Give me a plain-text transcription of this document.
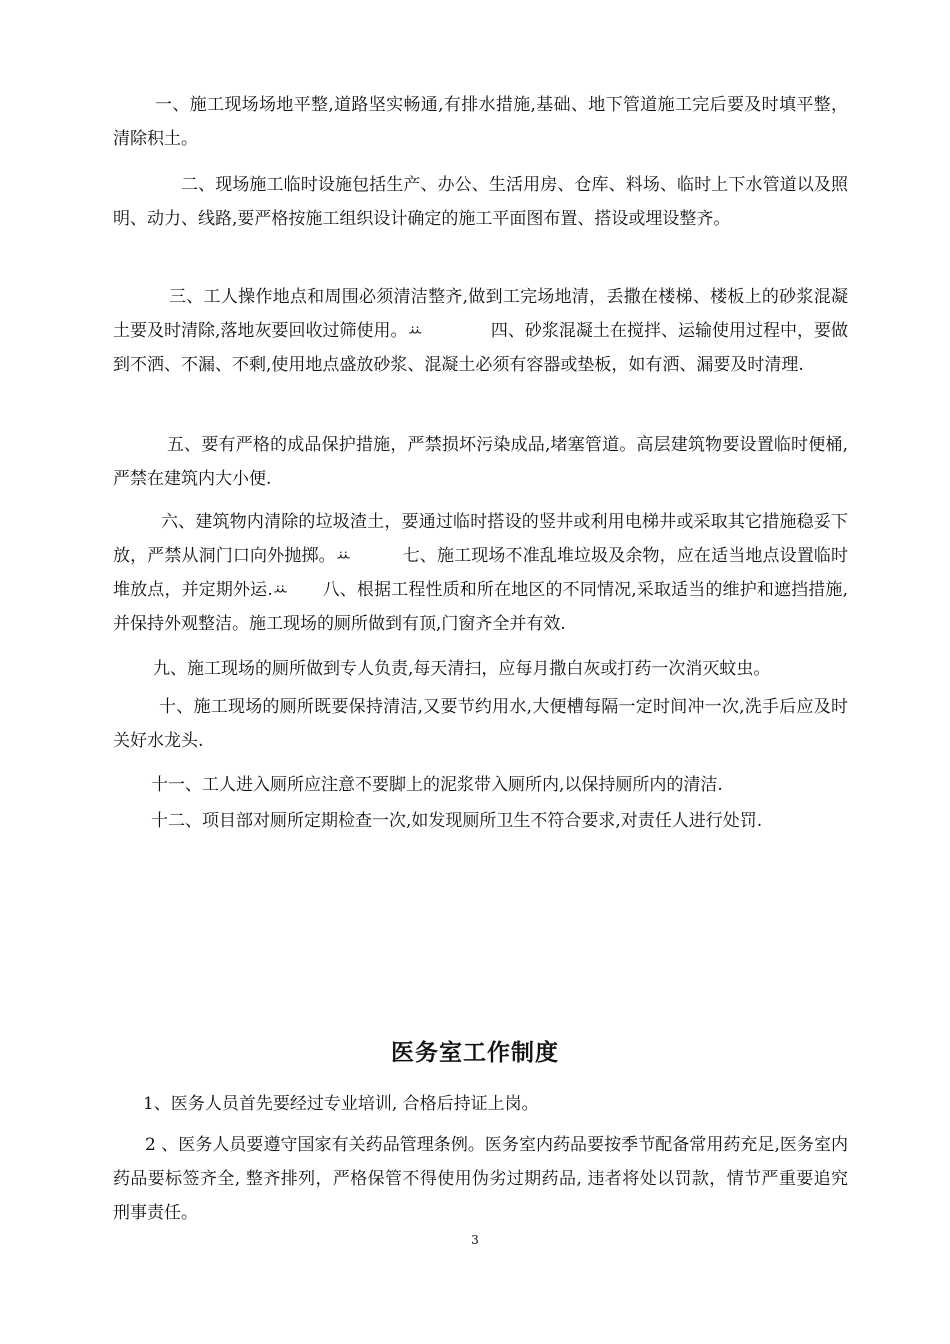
一、施工现场场地平整,道路坚实畅通,有排水措施,基础、地下管道施工完后要及时填平整，清除积土。

二、现场施工临时设施包括生产、办公、生活用房、仓库、料场、临时上下水管道以及照明、动力、线路,要严格按施工组织设计确定的施工平面图布置、搭设或埋设整齐。

三、工人操作地点和周围必须清洁整齐,做到工完场地清，丢撒在楼梯、楼板上的砂浆混凝土要及时清除,落地灰要回收过筛使用。ꕁ　　　　四、砂浆混凝土在搅拌、运输使用过程中，要做到不洒、不漏、不剩,使用地点盛放砂浆、混凝土必须有容器或垫板，如有洒、漏要及时清理.

五、要有严格的成品保护措施，严禁损坏污染成品,堵塞管道。高层建筑物要设置临时便桶,严禁在建筑内大小便.

六、建筑物内清除的垃圾渣土，要通过临时搭设的竖井或利用电梯井或采取其它措施稳妥下放，严禁从洞门口向外抛掷。ꕁ　　　七、施工现场不准乱堆垃圾及余物，应在适当地点设置临时堆放点，并定期外运.ꕁ　　八、根据工程性质和所在地区的不同情况,采取适当的维护和遮挡措施,并保持外观整洁。施工现场的厕所做到有顶,门窗齐全并有效.

九、施工现场的厕所做到专人负责,每天清扫，应每月撒白灰或打药一次消灭蚊虫。

十、施工现场的厕所既要保持清洁,又要节约用水,大便槽每隔一定时间冲一次,洗手后应及时关好水龙头.

十一、工人进入厕所应注意不要脚上的泥浆带入厕所内,以保持厕所内的清洁.

十二、项目部对厕所定期检查一次,如发现厕所卫生不符合要求,对责任人进行处罚.

医务室工作制度

1、医务人员首先要经过专业培训, 合格后持证上岗。

2 、医务人员要遵守国家有关药品管理条例。医务室内药品要按季节配备常用药充足,医务室内药品要标签齐全, 整齐排列，严格保管不得使用伪劣过期药品, 违者将处以罚款，情节严重要追究刑事责任。

3
